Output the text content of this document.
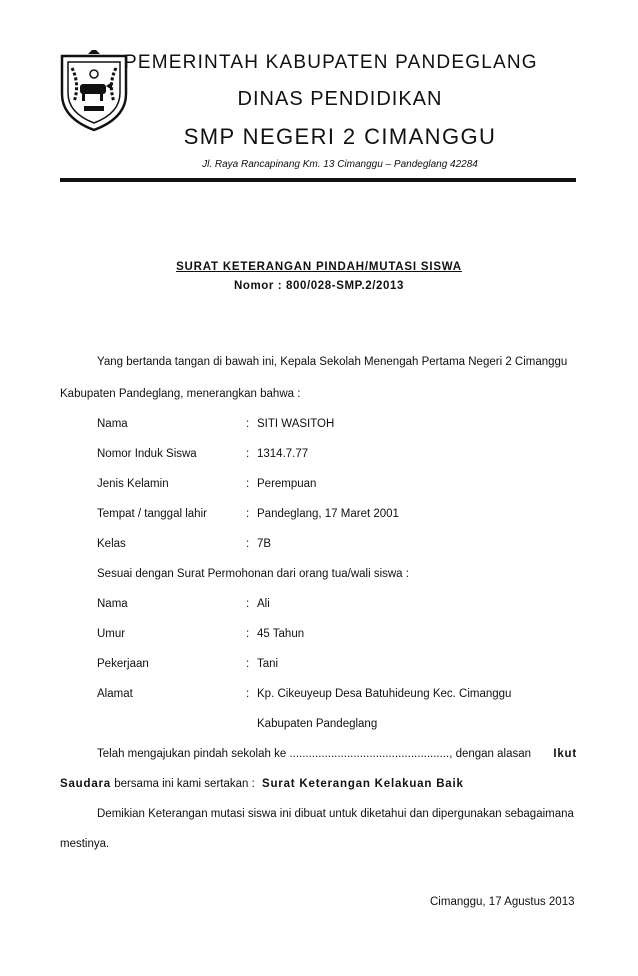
PEMERINTAH KABUPATEN PANDEGLANG
DINAS PENDIDIKAN
SMP NEGERI 2 CIMANGGU
Jl. Raya Rancapinang Km. 13 Cimanggu – Pandeglang 42284
SURAT KETERANGAN PINDAH/MUTASI SISWA
Nomor : 800/028-SMP.2/2013
Yang bertanda tangan di bawah ini, Kepala Sekolah Menengah Pertama Negeri 2 Cimanggu
Kabupaten Pandeglang, menerangkan bahwa :
Nama	: SITI WASITOH
Nomor Induk Siswa	: 1314.7.77
Jenis Kelamin	: Perempuan
Tempat / tanggal lahir	: Pandeglang, 17 Maret 2001
Kelas	: 7B
Sesuai dengan Surat Permohonan dari orang tua/wali siswa :
Nama	: Ali
Umur	: 45 Tahun
Pekerjaan	: Tani
Alamat	: Kp. Cikeuyeup Desa Batuhideung Kec. Cimanggu
Kabupaten Pandeglang
Telah mengajukan pindah sekolah ke .................................................., dengan alasan Ikut
Saudara bersama ini kami sertakan : Surat Keterangan Kelakuan Baik
Demikian Keterangan mutasi siswa ini dibuat untuk diketahui dan dipergunakan sebagaimana
mestinya.
Cimanggu, 17 Agustus 2013
